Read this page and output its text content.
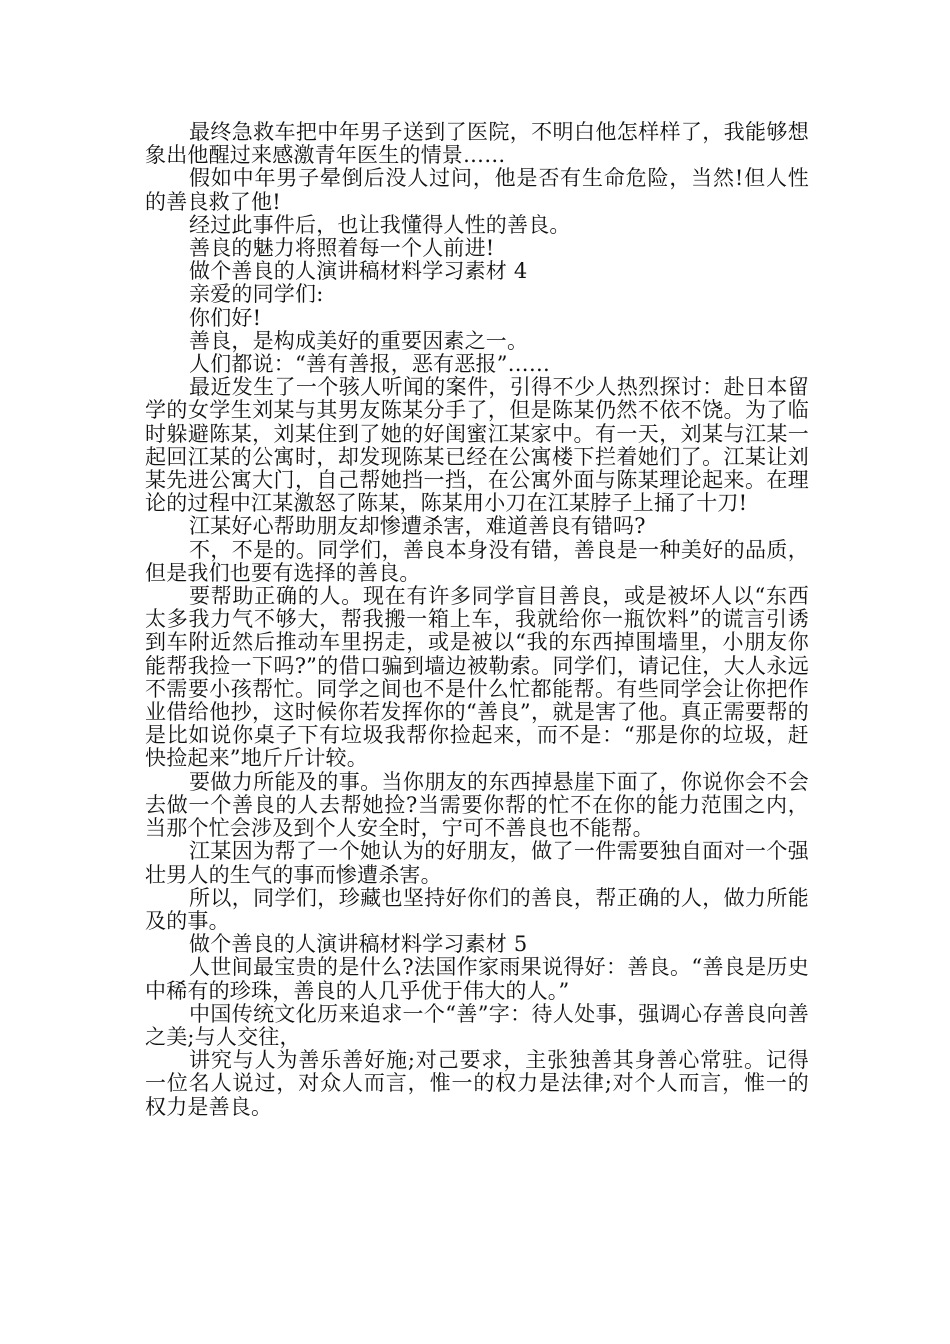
最终急救车把中年男子送到了医院，不明白他怎样样了，我能够想象出他醒过来感激青年医生的情景……

假如中年男子晕倒后没人过问，他是否有生命危险，当然!但人性的善良救了他!

经过此事件后，也让我懂得人性的善良。

善良的魅力将照着每一个人前进!

做个善良的人演讲稿材料学习素材 4

亲爱的同学们:

你们好!

善良，是构成美好的重要因素之一。

人们都说：“善有善报，恶有恶报”……

最近发生了一个骇人听闻的案件，引得不少人热烈探讨：赴日本留学的女学生刘某与其男友陈某分手了，但是陈某仍然不依不饶。为了临时躲避陈某，刘某住到了她的好闺蜜江某家中。有一天，刘某与江某一起回江某的公寓时，却发现陈某已经在公寓楼下拦着她们了。江某让刘某先进公寓大门，自己帮她挡一挡，在公寓外面与陈某理论起来。在理论的过程中江某激怒了陈某，陈某用小刀在江某脖子上捅了十刀!

江某好心帮助朋友却惨遭杀害，难道善良有错吗?

不，不是的。同学们，善良本身没有错，善良是一种美好的品质，但是我们也要有选择的善良。

要帮助正确的人。现在有许多同学盲目善良，或是被坏人以“东西太多我力气不够大，帮我搬一箱上车，我就给你一瓶饮料”的谎言引诱到车附近然后推动车里拐走，或是被以“我的东西掉围墙里，小朋友你能帮我捡一下吗?”的借口骗到墙边被勒索。同学们，请记住，大人永远不需要小孩帮忙。同学之间也不是什么忙都能帮。有些同学会让你把作业借给他抄，这时候你若发挥你的“善良”，就是害了他。真正需要帮的是比如说你桌子下有垃圾我帮你捡起来，而不是：“那是你的垃圾，赶快捡起来”地斤斤计较。

要做力所能及的事。当你朋友的东西掉悬崖下面了，你说你会不会去做一个善良的人去帮她捡?当需要你帮的忙不在你的能力范围之内，当那个忙会涉及到个人安全时，宁可不善良也不能帮。

江某因为帮了一个她认为的好朋友，做了一件需要独自面对一个强壮男人的生气的事而惨遭杀害。

所以，同学们，珍藏也坚持好你们的善良，帮正确的人，做力所能及的事。

做个善良的人演讲稿材料学习素材 5

人世间最宝贵的是什么?法国作家雨果说得好：善良。“善良是历史中稀有的珍珠，善良的人几乎优于伟大的人。”

中国传统文化历来追求一个“善”字：待人处事，强调心存善良向善之美;与人交往，

讲究与人为善乐善好施;对己要求，主张独善其身善心常驻。记得一位名人说过，对众人而言，惟一的权力是法律;对个人而言，惟一的权力是善良。
